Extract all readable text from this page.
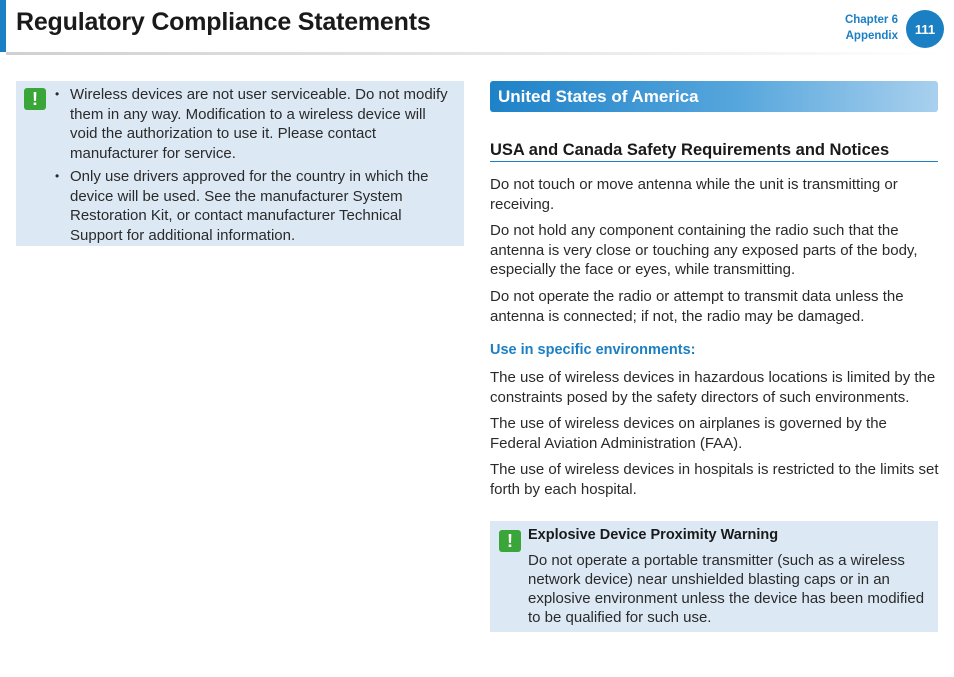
Regulatory Compliance Statements	Chapter 6
Appendix	111
!
•	Wireless devices are not user serviceable. Do not modify them in any way. Modification to a wireless device will void the authorization to use it. Please contact manufacturer for service.
• Only use drivers approved for the country in which the device will be used. See the manufacturer System Restoration Kit, or contact manufacturer Technical Support for additional information.
United States of America
USA and Canada Safety Requirements and Notices

Do not touch or move antenna while the unit is transmitting or receiving.

Do not hold any component containing the radio such that the antenna is very close or touching any exposed parts of the body, especially the face or eyes, while transmitting.

Do not operate the radio or attempt to transmit data unless the antenna is connected; if not, the radio may be damaged.

Use in specific environments:

The use of wireless devices in hazardous locations is limited by the constraints posed by the safety directors of such environments.

The use of wireless devices on airplanes is governed by the Federal Aviation Administration (FAA).

The use of wireless devices in hospitals is restricted to the limits set forth by each hospital.

!	Explosive Device Proximity Warning

Do not operate a portable transmitter (such as a wireless network device) near unshielded blasting caps or in an explosive environment unless the device has been modified to be qualified for such use.
